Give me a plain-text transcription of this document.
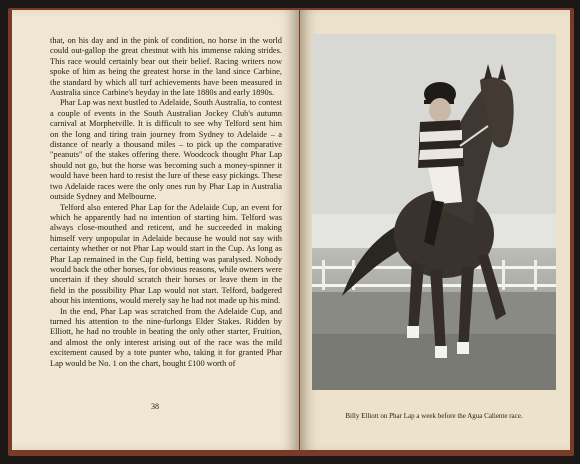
that, on his day and in the pink of condition, no horse in the world could out-gallop the great chestnut with his immense raking strides. This race would certainly bear out their belief. Racing writers now spoke of him as being the greatest horse in the land since Carbine, the standard by which all turf achievements have been measured in Australia since Carbine's heyday in the late 1880s and early 1890s.

Phar Lap was next bustled to Adelaide, South Australia, to contest a couple of events in the South Australian Jockey Club's autumn carnival at Morphetville. It is difficult to see why Telford sent him on the long and tiring train journey from Sydney to Adelaide – a distance of nearly a thousand miles – to pick up the comparative "peanuts" of the stakes offering there. Woodcock thought Phar Lap should not go, but the horse was becoming such a money-spinner it would have been hard to resist the lure of these easy pickings. These two Adelaide races were the only ones run by Phar Lap in Australia outside Sydney and Melbourne.

Telford also entered Phar Lap for the Adelaide Cup, an event for which he apparently had no intention of starting him. Telford was always close-mouthed and reticent, and he succeeded in making himself very unpopular in Adelaide because he would not say with certainty whether or not Phar Lap would start in the Cup. As long as Phar Lap remained in the Cup field, betting was paralysed. Nobody would back the other horses, for obvious reasons, while owners were uncertain if they should scratch their horses or leave them in the field in the possibility Phar Lap would not start. Telford, badgered about his intentions, would merely say he had not made up his mind.

In the end, Phar Lap was scratched from the Adelaide Cup, and turned his attention to the nine-furlongs Elder Stakes. Ridden by Elliott, he had no trouble in beating the only other starter, Fruition, and almost the only interest arising out of the race was the mild excitement caused by a tote punter who, taking it for granted Phar Lap would be No. 1 on the chart, bought £100 worth of

38
Billy Elliott on Phar Lap a week before the Agua Caliente race.
